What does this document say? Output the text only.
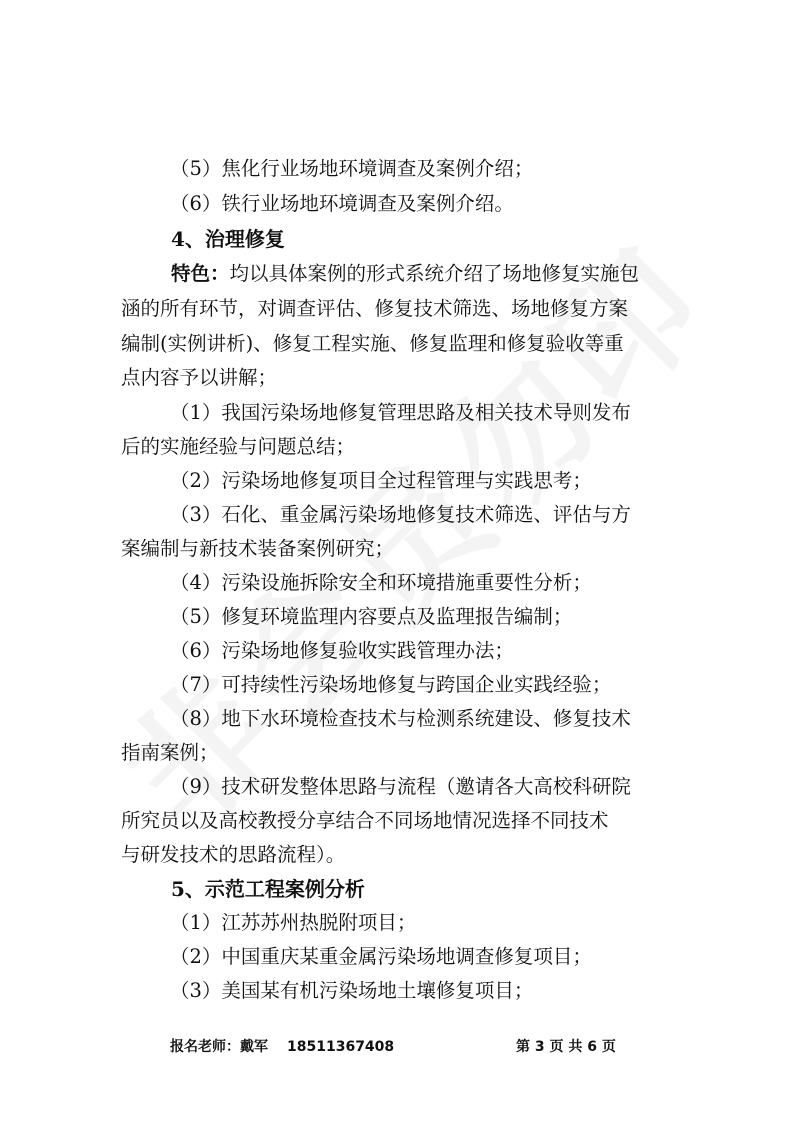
（5）焦化行业场地环境调查及案例介绍；
（6）铁行业场地环境调查及案例介绍。
4、治理修复
特色：均以具体案例的形式系统介绍了场地修复实施包
涵的所有环节，对调查评估、修复技术筛选、场地修复方案
编制(实例讲析)、修复工程实施、修复监理和修复验收等重
点内容予以讲解；
（1）我国污染场地修复管理思路及相关技术导则发布
后的实施经验与问题总结；
（2）污染场地修复项目全过程管理与实践思考；
（3）石化、重金属污染场地修复技术筛选、评估与方
案编制与新技术装备案例研究；
（4）污染设施拆除安全和环境措施重要性分析；
（5）修复环境监理内容要点及监理报告编制；
（6）污染场地修复验收实践管理办法；
（7）可持续性污染场地修复与跨国企业实践经验；
（8）地下水环境检查技术与检测系统建设、修复技术
指南案例；
（9）技术研发整体思路与流程（邀请各大高校科研院
所究员以及高校教授分享结合不同场地情况选择不同技术
与研发技术的思路流程）。
5、示范工程案例分析
（1）江苏苏州热脱附项目；
（2）中国重庆某重金属污染场地调查修复项目；
（3）美国某有机污染场地土壤修复项目；
报名老师：戴军 18511367408	第 3 页 共 6 页
